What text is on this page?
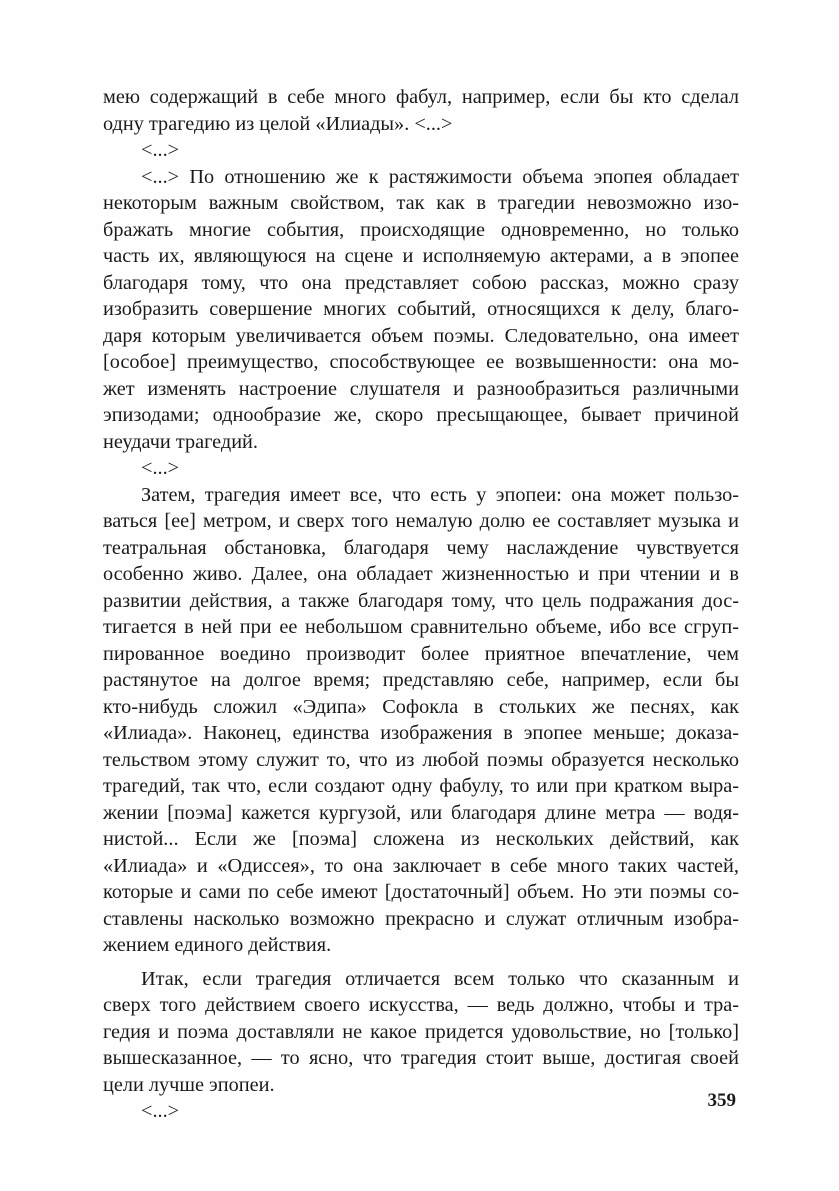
мею содержащий в себе много фабул, например, если бы кто сделал
одну трагедию из целой «Илиады». <...>
<...>
<...> По отношению же к растяжимости объема эпопея обладает
некоторым важным свойством, так как в трагедии невозможно изо-
бражать многие события, происходящие одновременно, но только
часть их, являющуюся на сцене и исполняемую актерами, а в эпопее
благодаря тому, что она представляет собою рассказ, можно сразу
изобразить совершение многих событий, относящихся к делу, благо-
даря которым увеличивается объем поэмы. Следовательно, она имеет
[особое] преимущество, способствующее ее возвышенности: она мо-
жет изменять настроение слушателя и разнообразиться различными
эпизодами; однообразие же, скоро пресыщающее, бывает причиной
неудачи трагедий.
<...>
Затем, трагедия имеет все, что есть у эпопеи: она может пользо-
ваться [ее] метром, и сверх того немалую долю ее составляет музыка и
театральная обстановка, благодаря чему наслаждение чувствуется
особенно живо. Далее, она обладает жизненностью и при чтении и в
развитии действия, а также благодаря тому, что цель подражания дос-
тигается в ней при ее небольшом сравнительно объеме, ибо все сгруп-
пированное воедино производит более приятное впечатление, чем
растянутое на долгое время; представляю себе, например, если бы
кто-нибудь сложил «Эдипа» Софокла в стольких же песнях, как
«Илиада». Наконец, единства изображения в эпопее меньше; доказа-
тельством этому служит то, что из любой поэмы образуется несколько
трагедий, так что, если создают одну фабулу, то или при кратком выра-
жении [поэма] кажется кургузой, или благодаря длине метра — водя-
нистой... Если же [поэма] сложена из нескольких действий, как
«Илиада» и «Одиссея», то она заключает в себе много таких частей,
которые и сами по себе имеют [достаточный] объем. Но эти поэмы со-
ставлены насколько возможно прекрасно и служат отличным изобра-
жением единого действия.
Итак, если трагедия отличается всем только что сказанным и
сверх того действием своего искусства, — ведь должно, чтобы и тра-
гедия и поэма доставляли не какое придется удовольствие, но [только]
вышесказанное, — то ясно, что трагедия стоит выше, достигая своей
цели лучше эпопеи.
<...>	359
